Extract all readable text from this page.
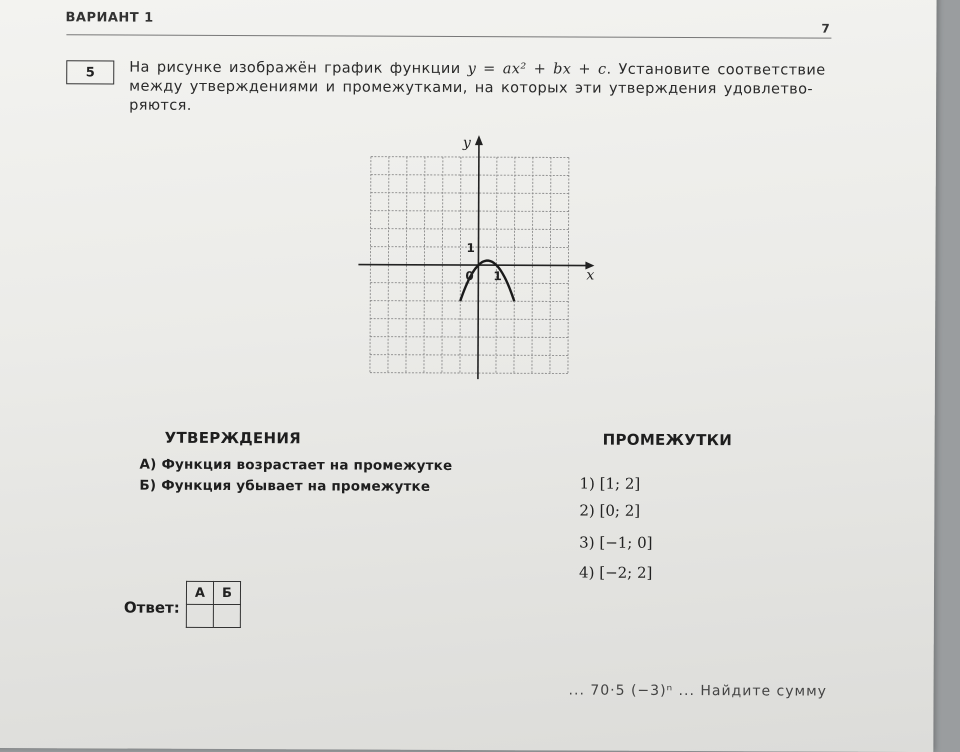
ВАРИАНТ 1

7

5 На рисунке изображён график функции y = ax² + bx + c. Установите соответствие между утверждениями и промежутками, на которых эти утверждения удовлетво-ряются.

y
x
0 1
1

УТВЕРЖДЕНИЯ

А) Функция возрастает на промежутке

Б) Функция убывает на промежутке

ПРОМЕЖУТКИ

1) [1; 2]

2) [0; 2]

3) [−1; 0]

4) [−2; 2]

Ответ:

А	Б

... 70·5 (−3)ⁿ ... Найдите сумму
